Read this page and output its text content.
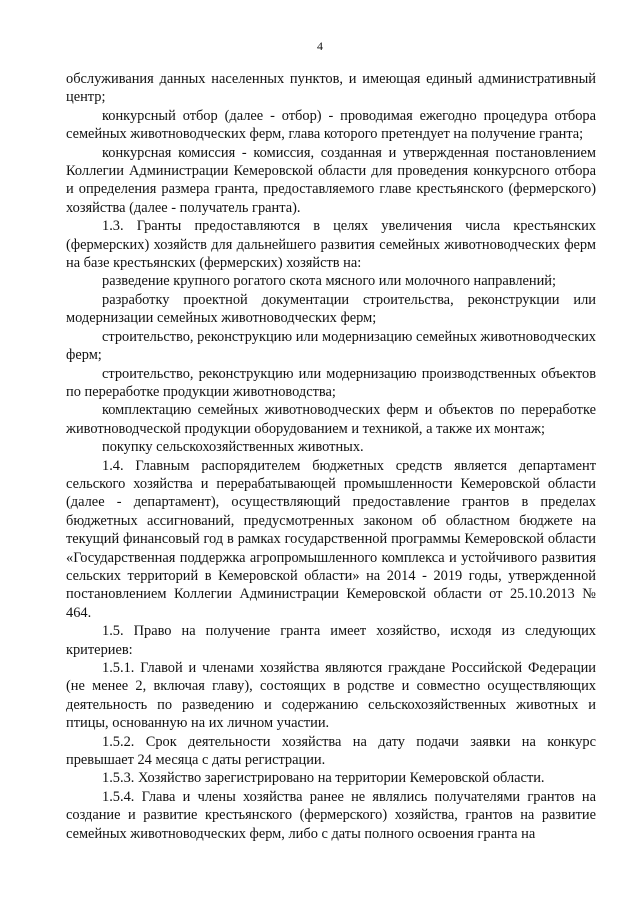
4

обслуживания данных населенных пунктов, и имеющая единый административный центр;

конкурсный отбор (далее - отбор) - проводимая ежегодно процедура отбора семейных животноводческих ферм, глава которого претендует на получение гранта;

конкурсная комиссия - комиссия, созданная и утвержденная постановлением Коллегии Администрации Кемеровской области для проведения конкурсного отбора и определения размера гранта, предоставляемого главе крестьянского (фермерского) хозяйства (далее - получатель гранта).

1.3. Гранты предоставляются в целях увеличения числа крестьянских (фермерских) хозяйств для дальнейшего развития семейных животноводческих ферм на базе крестьянских (фермерских) хозяйств на:

разведение крупного рогатого скота мясного или молочного направлений;

разработку проектной документации строительства, реконструкции или модернизации семейных животноводческих ферм;

строительство, реконструкцию или модернизацию семейных животноводческих ферм;

строительство, реконструкцию или модернизацию производственных объектов по переработке продукции животноводства;

комплектацию семейных животноводческих ферм и объектов по переработке животноводческой продукции оборудованием и техникой, а также их монтаж;

покупку сельскохозяйственных животных.

1.4. Главным распорядителем бюджетных средств является департамент сельского хозяйства и перерабатывающей промышленности Кемеровской области (далее - департамент), осуществляющий предоставление грантов в пределах бюджетных ассигнований, предусмотренных законом об областном бюджете на текущий финансовый год в рамках государственной программы Кемеровской области «Государственная поддержка агропромышленного комплекса и устойчивого развития сельских территорий в Кемеровской области» на 2014 - 2019 годы, утвержденной постановлением Коллегии Администрации Кемеровской области от 25.10.2013 № 464.

1.5. Право на получение гранта имеет хозяйство, исходя из следующих критериев:

1.5.1. Главой и членами хозяйства являются граждане Российской Федерации (не менее 2, включая главу), состоящих в родстве и совместно осуществляющих деятельность по разведению и содержанию сельскохозяйственных животных и птицы, основанную на их личном участии.

1.5.2. Срок деятельности хозяйства на дату подачи заявки на конкурс превышает 24 месяца с даты регистрации.

1.5.3. Хозяйство зарегистрировано на территории Кемеровской области.

1.5.4. Глава и члены хозяйства ранее не являлись получателями грантов на создание и развитие крестьянского (фермерского) хозяйства, грантов на развитие семейных животноводческих ферм, либо с даты полного освоения гранта на
